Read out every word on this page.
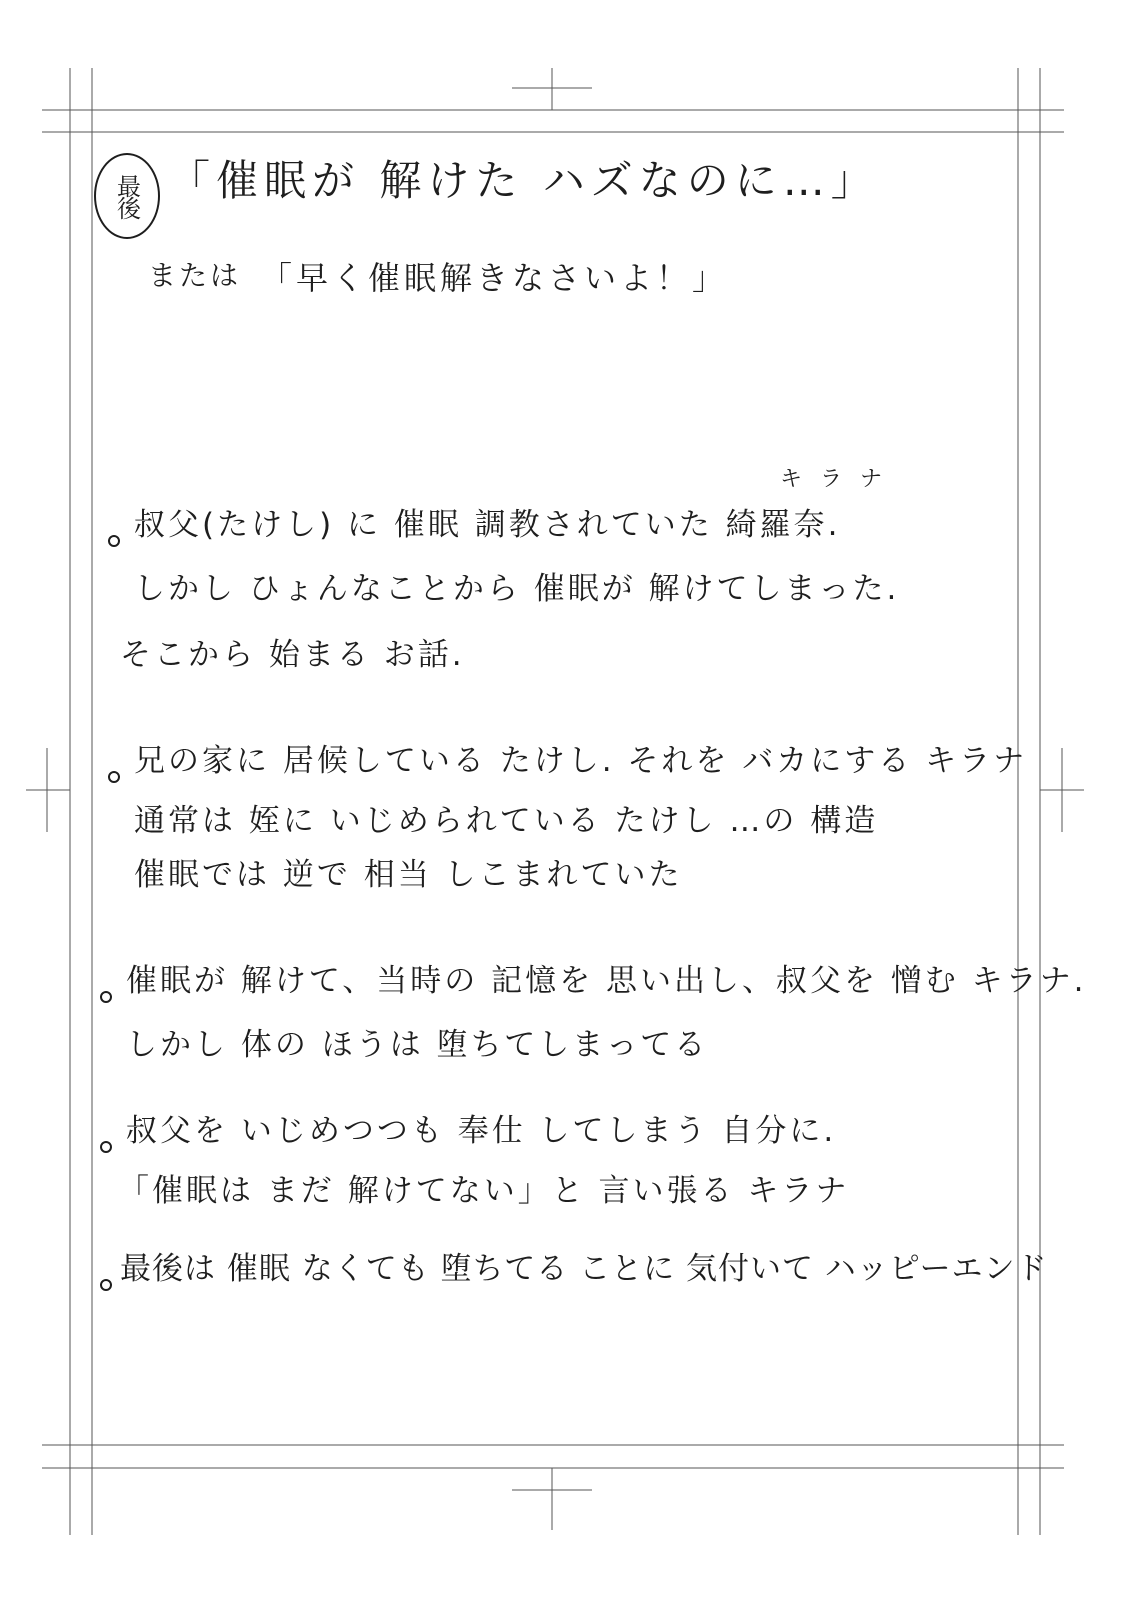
最後 「催眠が 解けた ハズなのに…」
または 「早く催眠解きなさいよ！」
キラナ
叔父(たけし) に 催眠 調教されていた 綺羅奈.
しかし ひょんなことから 催眠が 解けてしまった.
そこから 始まる お話.
兄の家に 居候している たけし. それを バカにする キラナ
通常は 姪に いじめられている たけし …の 構造
催眠では 逆で 相当 しこまれていた
催眠が 解けて、当時の 記憶を 思い出し、叔父を 憎む キラナ.
しかし 体の ほうは 堕ちてしまってる
叔父を いじめつつも 奉仕 してしまう 自分に.
「催眠は まだ 解けてない」と 言い張る キラナ
最後は 催眠 なくても 堕ちてる ことに 気付いて ハッピーエンド
